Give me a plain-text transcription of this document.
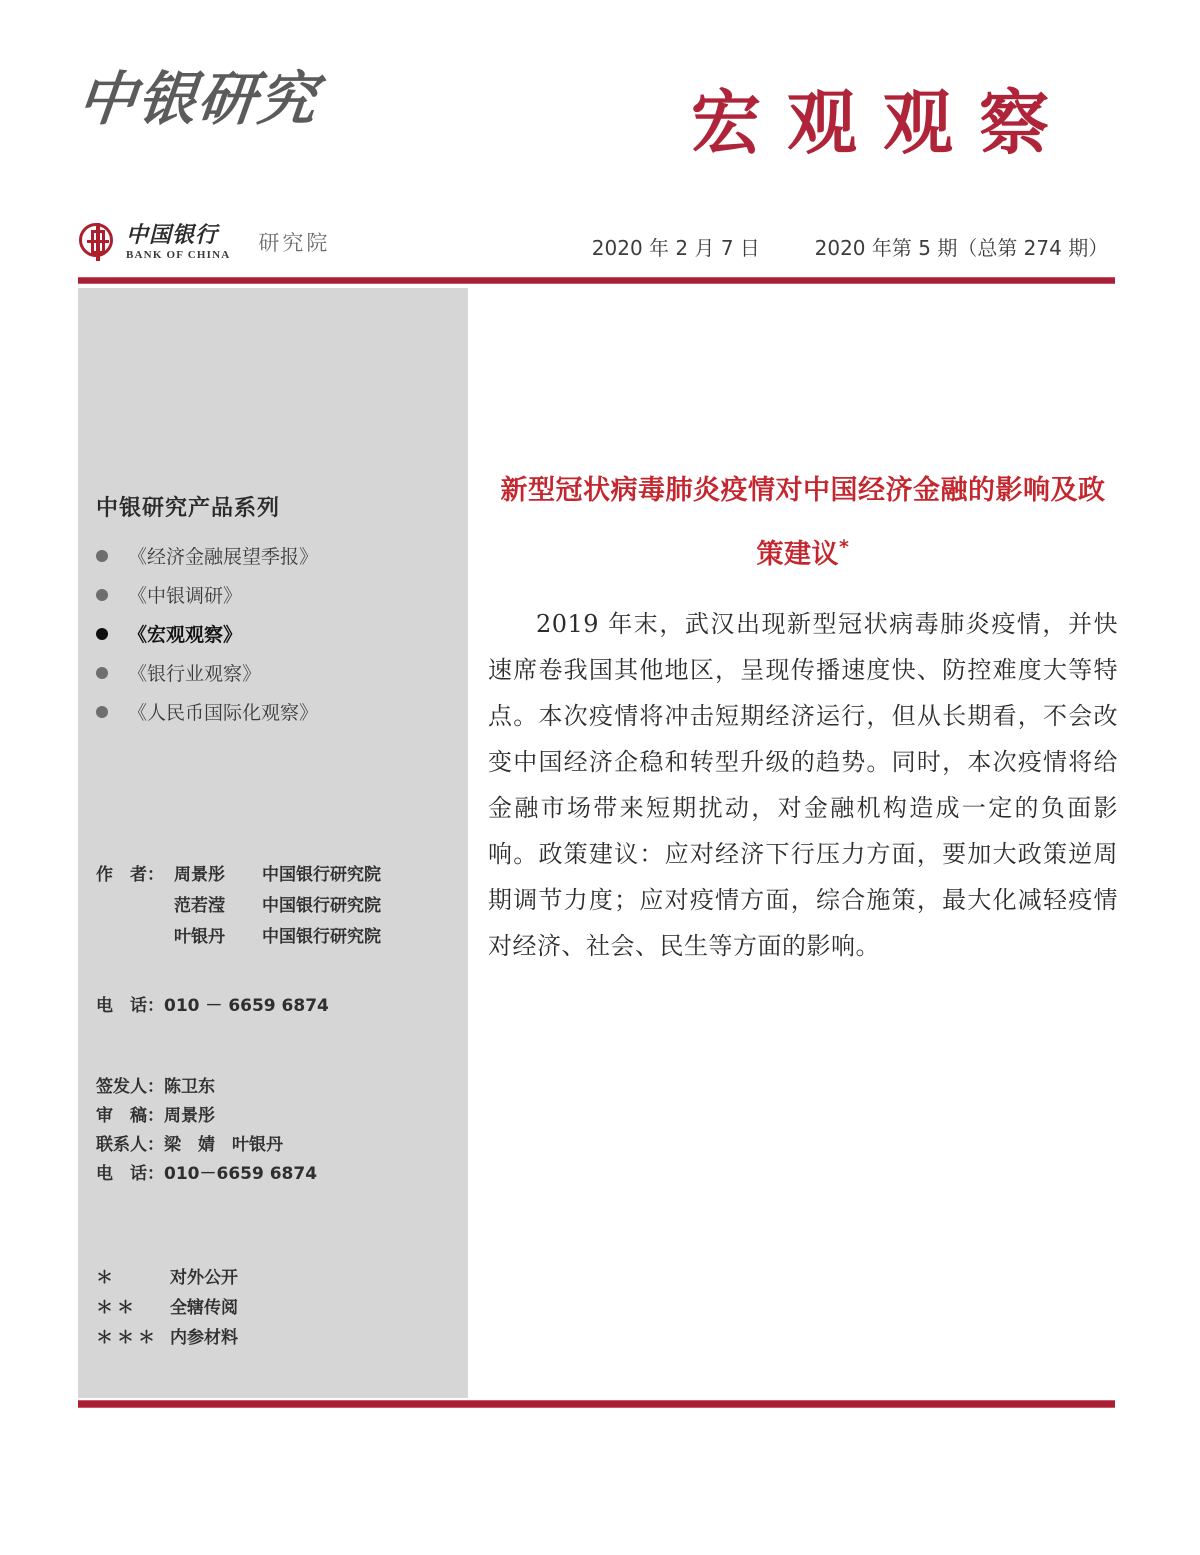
中银研究
中国银行
BANK OF CHINA 研究院
宏观观察
2020 年 2 月 7 日	2020 年第 5 期（总第 274 期）
中银研究产品系列
《经济金融展望季报》
《中银调研》
《宏观观察》
《银行业观察》
《人民币国际化观察》
作　者： 周景彤	中国银行研究院
范若滢	中国银行研究院
叶银丹	中国银行研究院
电　话：010 － 6659 6874
签发人：陈卫东
审　稿：周景彤
联系人：梁　婧　叶银丹
电　话：010－6659 6874
＊	对外公开
＊＊	全辖传阅
＊＊＊ 内参材料
新型冠状病毒肺炎疫情对中国经济金融的影响及政策建议*

2019 年末，武汉出现新型冠状病毒肺炎疫情，并快速席卷我国其他地区，呈现传播速度快、防控难度大等特点。本次疫情将冲击短期经济运行，但从长期看，不会改变中国经济企稳和转型升级的趋势。同时，本次疫情将给金融市场带来短期扰动，对金融机构造成一定的负面影响。政策建议：应对经济下行压力方面，要加大政策逆周期调节力度；应对疫情方面，综合施策，最大化减轻疫情对经济、社会、民生等方面的影响。
